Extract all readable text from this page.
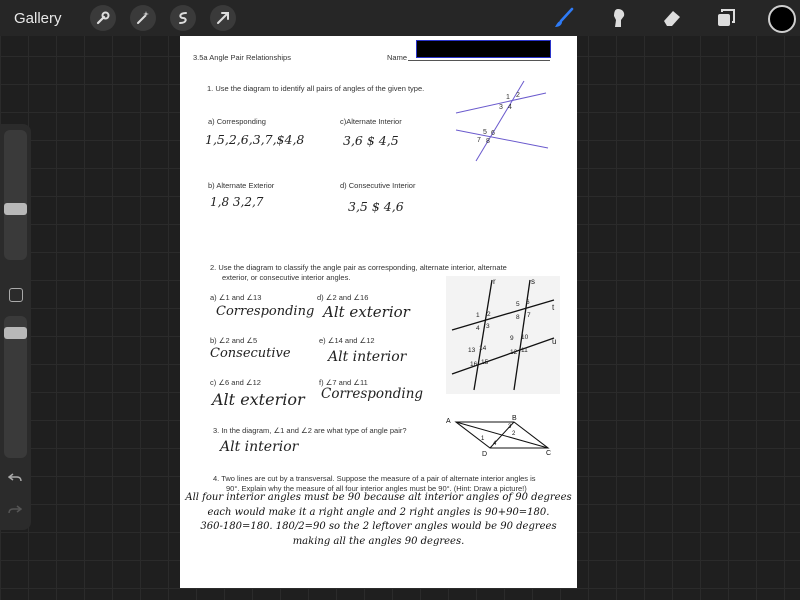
Gallery
3.5a Angle Pair Relationships	Name
1. Use the diagram to identify all pairs of angles of the given type.
a) Corresponding
1,5,2,6,3,7,$4,8
c)Alternate Interior
3,6 $ 4,5
b) Alternate Exterior
1,8 3,2,7
d) Consecutive Interior
3,5 $ 4,6
1 2
3 4
5 6
7 8
2. Use the diagram to classify the angle pair as corresponding, alternate interior, alternate
exterior, or consecutive interior angles.
a) ∠1 and ∠13
Corresponding
d) ∠2 and ∠16
Alt exterior
b) ∠2 and ∠5
Consecutive
e) ∠14 and ∠12
Alt interior
c) ∠6 and ∠12
Alt exterior
f) ∠7 and ∠11
Corresponding
r	s
t
u
1 2
3
4
5 6
7
8
9 10
11
12
13 14
15
16
3. In the diagram, ∠1 and ∠2 are what type of angle pair?
Alt interior
A	B
C
D
1
2
3
4
4. Two lines are cut by a transversal. Suppose the measure of a pair of alternate interior angles is
90°. Explain why the measure of all four interior angles must be 90°. (Hint: Draw a picture!)
All four interior angles must be 90 because alt interior angles of 90 degrees
each would make it a right angle and 2 right angles is 90+90=180.
360-180=180. 180/2=90 so the 2 leftover angles would be 90 degrees
making all the angles 90 degrees.
